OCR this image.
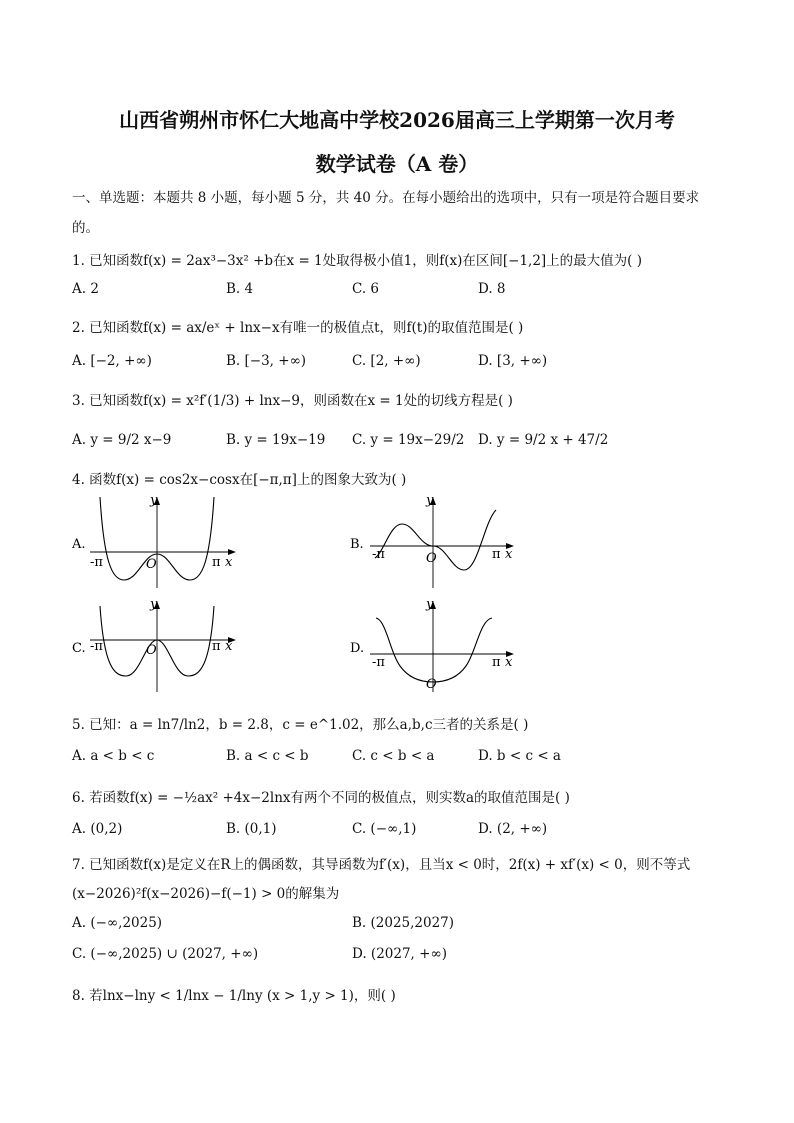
山西省朔州市怀仁大地高中学校2026届高三上学期第一次月考
数学试卷（A 卷）
一、单选题：本题共 8 小题，每小题 5 分，共 40 分。在每小题给出的选项中，只有一项是符合题目要求
的。
1. 已知函数f(x) = 2ax³−3x² +b在x = 1处取得极小值1，则f(x)在区间[−1,2]上的最大值为( )
A. 2	B. 4	C. 6	D. 8
2. 已知函数f(x) = ax/eˣ + lnx−x有唯一的极值点t，则f(t)的取值范围是( )
A. [−2, +∞)	B. [−3, +∞)	C. [2, +∞)	D. [3, +∞)
3. 已知函数f(x) = x²f′(1/3) + lnx−9，则函数在x = 1处的切线方程是( )
A. y = 9/2 x−9	B. y = 19x−19 C. y = 19x−29/2 D. y = 9/2 x + 47/2
4. 函数f(x) = cos2x−cosx在[−π,π]上的图象大致为( )
A.
y
x
O
-π	π
B.
y
x
O
-π	π
C.
y
x
O
-π	π	D.
y
x
O
-π	π
5. 已知：a = ln7/ln2，b = 2.8，c = e^1.02，那么a,b,c三者的关系是( )
A. a < b < c	B. a < c < b	C. c < b < a	D. b < c < a
6. 若函数f(x) = −½ax² +4x−2lnx有两个不同的极值点，则实数a的取值范围是( )
A. (0,2)	B. (0,1)	C. (−∞,1)	D. (2, +∞)
7. 已知函数f(x)是定义在R上的偶函数，其导函数为f′(x)，且当x < 0时，2f(x) + xf′(x) < 0，则不等式
(x−2026)²f(x−2026)−f(−1) > 0的解集为
A. (−∞,2025)	B. (2025,2027)
C. (−∞,2025) ∪ (2027, +∞)	D. (2027, +∞)
8. 若lnx−lny < 1/lnx − 1/lny (x > 1,y > 1)，则( )
